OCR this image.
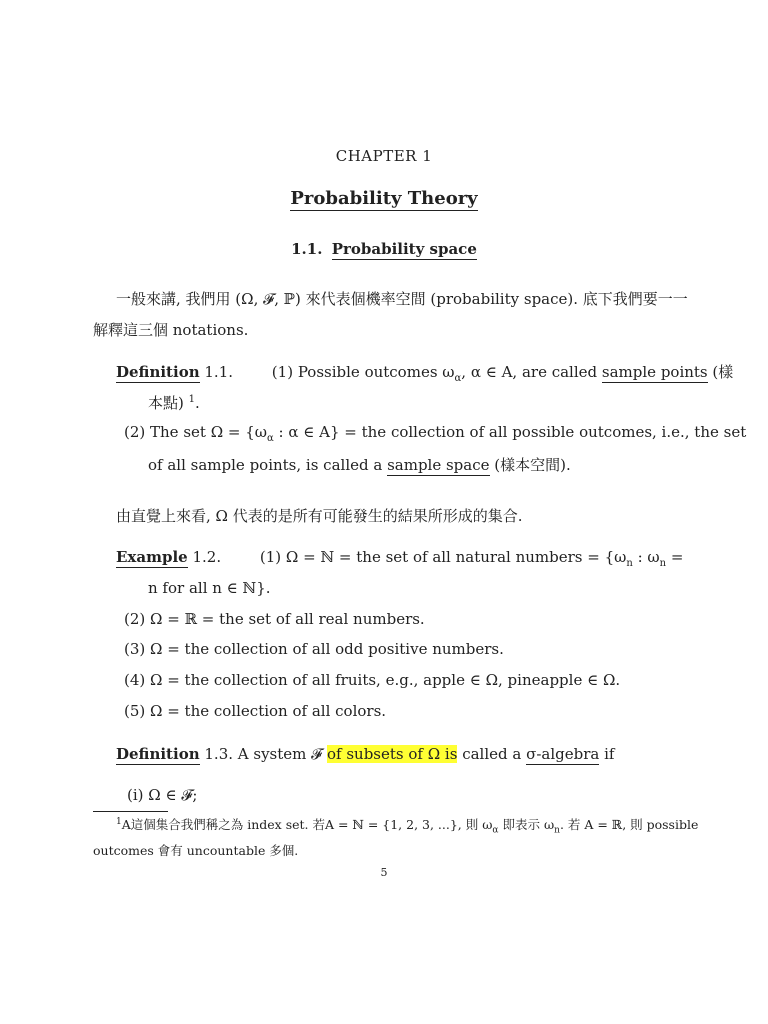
CHAPTER 1
Probability Theory
1.1. Probability space
一般來講, 我們用 (Ω, 𝓕, ℙ) 來代表個機率空間 (probability space). 底下我們要一一
解釋這三個 notations.
Definition 1.1.	(1) Possible outcomes $\omega_\alpha$, α ∈ A, are called sample points (樣
本點) $^1$.
(2) The set $\Omega = \{\omega_\alpha$ : α ∈ A} = the collection of all possible outcomes, i.e., the set
of all sample points, is called a sample space (樣本空間).
由直覺上來看, Ω 代表的是所有可能發生的結果所形成的集合.
Example 1.2.	(1) Ω = ℕ = the set of all natural numbers = {$\omega_n$ : $\omega_n$ =
n for all n ∈ ℕ}.
(2) Ω = ℝ = the set of all real numbers.
(3) Ω = the collection of all odd positive numbers.
(4) Ω = the collection of all fruits, e.g., apple ∈ Ω, pineapple ∈ Ω.
(5) Ω = the collection of all colors.
Definition 1.3. A system 𝓕 of subsets of Ω is called a σ-algebra if
(i) Ω ∈ 𝓕;
$^1$A這個集合我們稱之為 index set. 若A = ℕ = {1, 2, 3, ...}, 則 $\omega_\alpha$ 即表示 $\omega_n$. 若 A = ℝ, 則 possible
outcomes 會有 uncountable 多個.
5
